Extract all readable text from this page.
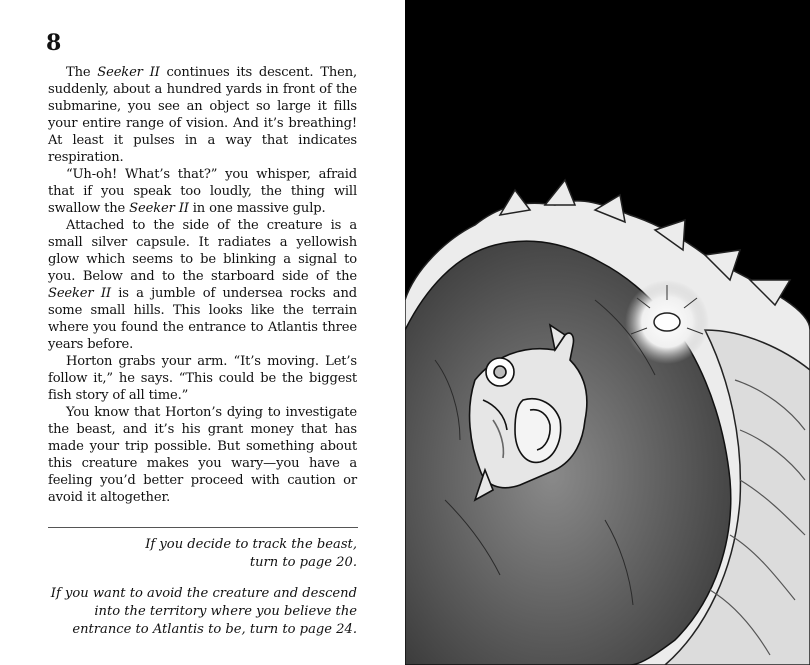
8

The Seeker II continues its descent. Then, suddenly, about a hundred yards in front of the submarine, you see an object so large it fills your entire range of vision. And it’s breathing! At least it pulses in a way that indicates respiration.

“Uh-oh! What’s that?” you whisper, afraid that if you speak too loudly, the thing will swallow the Seeker II in one massive gulp.

Attached to the side of the creature is a small silver capsule. It radiates a yellowish glow which seems to be blinking a signal to you. Below and to the starboard side of the Seeker II is a jumble of undersea rocks and some small hills. This looks like the terrain where you found the entrance to Atlantis three years before.

Horton grabs your arm. “It’s moving. Let’s follow it,” he says. “This could be the biggest fish story of all time.”

You know that Horton’s dying to investigate the beast, and it’s his grant money that has made your trip possible. But something about this creature makes you wary—you have a feeling you’d better proceed with caution or avoid it altogether.

If you decide to track the beast,
turn to page 20.

If you want to avoid the creature and descend
into the territory where you believe the
entrance to Atlantis to be, turn to page 24.
